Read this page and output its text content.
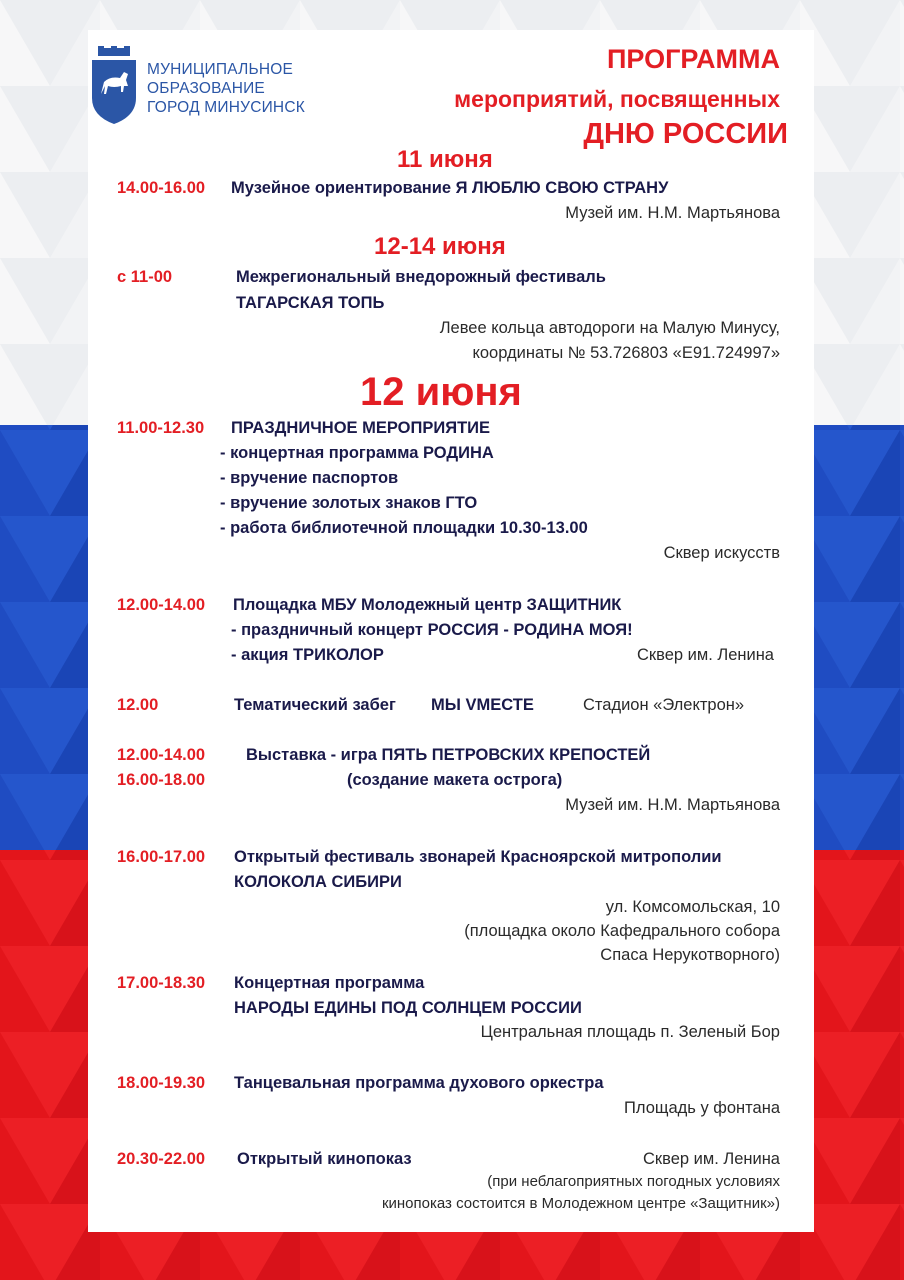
МУНИЦИПАЛЬНОЕ
ОБРАЗОВАНИЕ
ГОРОД МИНУСИНСК
ПРОГРАММА
мероприятий, посвященных
ДНЮ РОССИИ
11 июня
14.00-16.00 Музейное ориентирование Я ЛЮБЛЮ СВОЮ СТРАНУ
Музей им. Н.М. Мартьянова
12-14 июня
с 11-00	Межрегиональный внедорожный фестиваль
ТАГАРСКАЯ ТОПЬ
Левее кольца автодороги на Малую Минусу,
координаты № 53.726803 «Е91.724997»
12 июня
11.00-12.30 ПРАЗДНИЧНОЕ МЕРОПРИЯТИЕ
- концертная программа РОДИНА
- вручение паспортов
- вручение золотых знаков ГТО
- работа библиотечной площадки 10.30-13.00
Сквер искусств
12.00-14.00 Площадка МБУ Молодежный центр ЗАЩИТНИК
- праздничный концерт РОССИЯ - РОДИНА МОЯ!
- акция ТРИКОЛОР	Сквер им. Ленина
12.00	Тематический забег МЫ VМЕСТЕ	Стадион «Электрон»
12.00-14.00
16.00-18.00
Выставка - игра ПЯТЬ ПЕТРОВСКИХ КРЕПОСТЕЙ
(создание макета острога)
Музей им. Н.М. Мартьянова
16.00-17.00 Открытый фестиваль звонарей Красноярской митрополии
КОЛОКОЛА СИБИРИ
ул. Комсомольская, 10
(площадка около Кафедрального собора
Спаса Нерукотворного)
17.00-18.30 Концертная программа
НАРОДЫ ЕДИНЫ ПОД СОЛНЦЕМ РОССИИ
Центральная площадь п. Зеленый Бор
18.00-19.30 Танцевальная программа духового оркестра
Площадь у фонтана
20.30-22.00 Открытый кинопоказ	Сквер им. Ленина
(при неблагоприятных погодных условиях
кинопоказ состоится в Молодежном центре «Защитник»)
